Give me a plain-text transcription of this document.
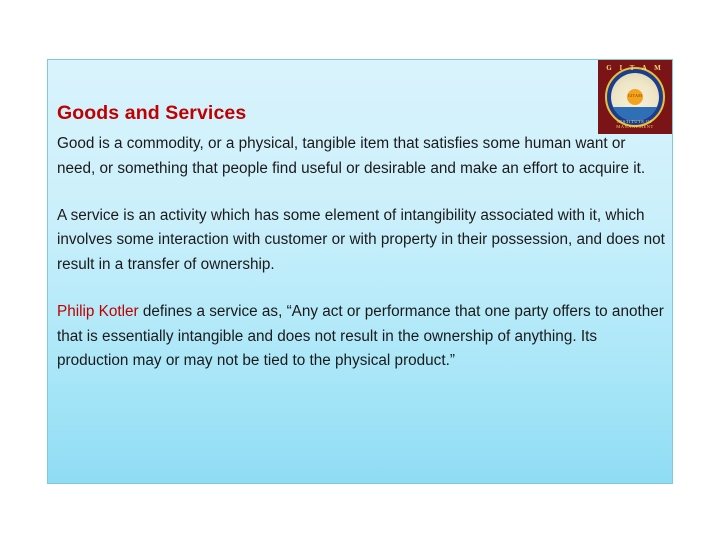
GITAM
G I T A M
INSTITUTE OF MANAGEMENT
Goods and Services

Good is a commodity, or a physical, tangible item that satisfies some human want or need, or something that people find useful or desirable and make an effort to acquire it.

A service is an activity which has some element of intangibility associated with it, which involves some interaction with customer or with property in their possession, and does not result in a transfer of ownership.

Philip Kotler defines a service as, “Any act or performance that one party offers to another that is essentially intangible and does not result in the ownership of anything. Its production may or may not be tied to the physical product.”
